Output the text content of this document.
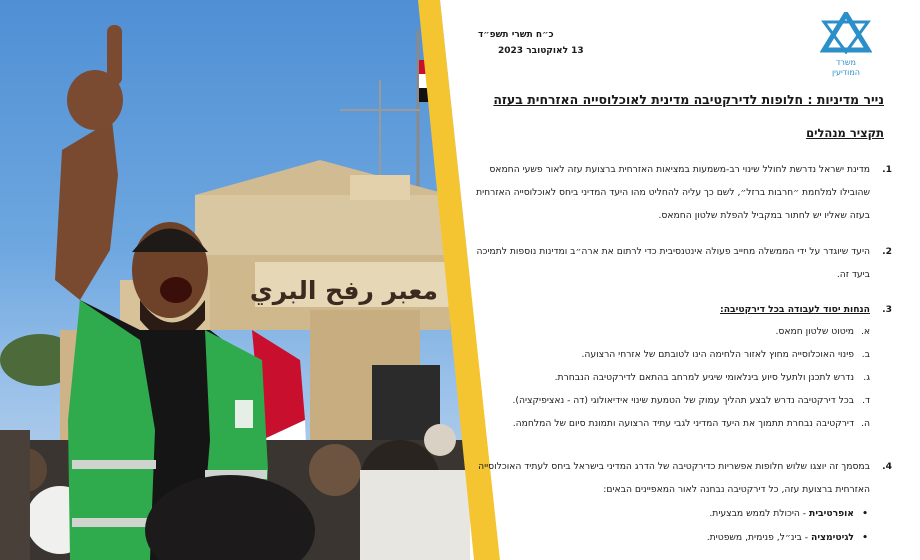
معبر رفح البري
משרד
המודיעין
כ״ח תשרי תשפ״ד
13 לאוקטובר 2023
נייר מדיניות : חלופות לדירקטיבה מדינית לאוכלוסייה האזרחית בעזה
תקציר מנהלים
1.
מדינת ישראל נדרשת לחולל שינוי רב-משמעות במציאות האזרחית ברצועת עזה לאור פשעי החמאס שהובילו למלחמת ״חרבות ברזל״, לשם כך עליה להחליט מהו היעד המדיני ביחס לאוכלוסייה האזרחית בעזה שאליו יש לחתור במקביל להפלת שלטון החמאס.
2.
היעד שיוגדר על ידי הממשלה מחייב פעולה אינטנסיבית כדי לרתום את ארה״ב ומדינות נוספות לתמיכה ביעד זה.
3.
הנחות יסוד לעבודה בכל דירקטיבה:
א.מיטוט שלטון חמאס.
ב.פינוי האוכלוסייה מחוץ לאזור הלחימה הינו לטובתם של אזרחי הרצועה.
ג.נדרש לתכנן ולתעל סיוע בינלאומי שיגיע למרחב בהתאם לדירקטיבה הנבחרת.
ד.בכל דירקטיבה נדרש לבצע תהליך עמוק של הטמעת שינוי אידיאולוגי (דה - נאציפיקציה).
ה.דירקטיבה נבחרת תתמוך את היעד המדיני לגבי עתיד הרצועה ותמונת סיום של המלחמה.
4.
במסמך זה יוצגו שלוש חלופות אפשריות כדירקטיבה של הדרג המדיני בישראל ביחס לעתיד האוכלוסייה האזרחית ברצועת עזה, כל דירקטיבה נבחנה לאור המאפיינים הבאים:
•אופרטיבית - היכולת לממש מבצעית.
•לגיטימציה - בינ״ל, פנימית, משפטית.
